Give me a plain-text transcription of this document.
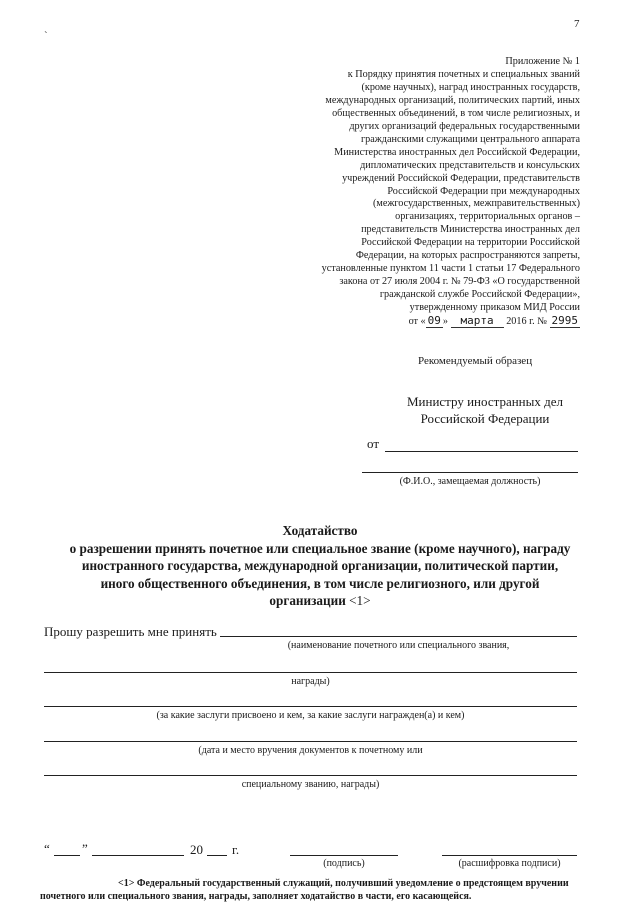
7
`
Приложение № 1
к Порядку принятия почетных и специальных званий
(кроме научных), наград иностранных государств,
международных организаций, политических партий, иных
общественных объединений, в том числе религиозных, и
других организаций федеральных государственными
гражданскими служащими центрального аппарата
Министерства иностранных дел Российской Федерации,
дипломатических представительств и консульских
учреждений Российской Федерации, представительств
Российской Федерации при международных
(межгосударственных, межправительственных)
организациях, территориальных органов –
представительств Министерства иностранных дел
Российской Федерации на территории Российской
Федерации, на которых распространяются запреты,
установленные пунктом 11 части 1 статьи 17 Федерального
закона от 27 июля 2004 г. № 79-ФЗ «О государственной
гражданской службе Российской Федерации»,
утвержденному приказом МИД России
от « 09 » марта 2016 г. № 2995
Рекомендуемый образец
Министру иностранных дел
Российской Федерации
от
(Ф.И.О., замещаемая должность)
Ходатайство
о разрешении принять почетное или специальное звание (кроме научного), награду
иностранного государства, международной организации, политической партии,
иного общественного объединения, в том числе религиозного, или другой
организации <1>
Прошу разрешить мне принять
(наименование почетного или специального звания,
награды)
(за какие заслуги присвоено и кем, за какие заслуги награжден(а) и кем)
(дата и место вручения документов к почетному или
специальному званию, награды)
“ ”	20 г.
(подпись)	(расшифровка подписи)
<1> Федеральный государственный служащий, получивший уведомление о предстоящем вручении почетного или специального звания, награды, заполняет ходатайство в части, его касающейся.
